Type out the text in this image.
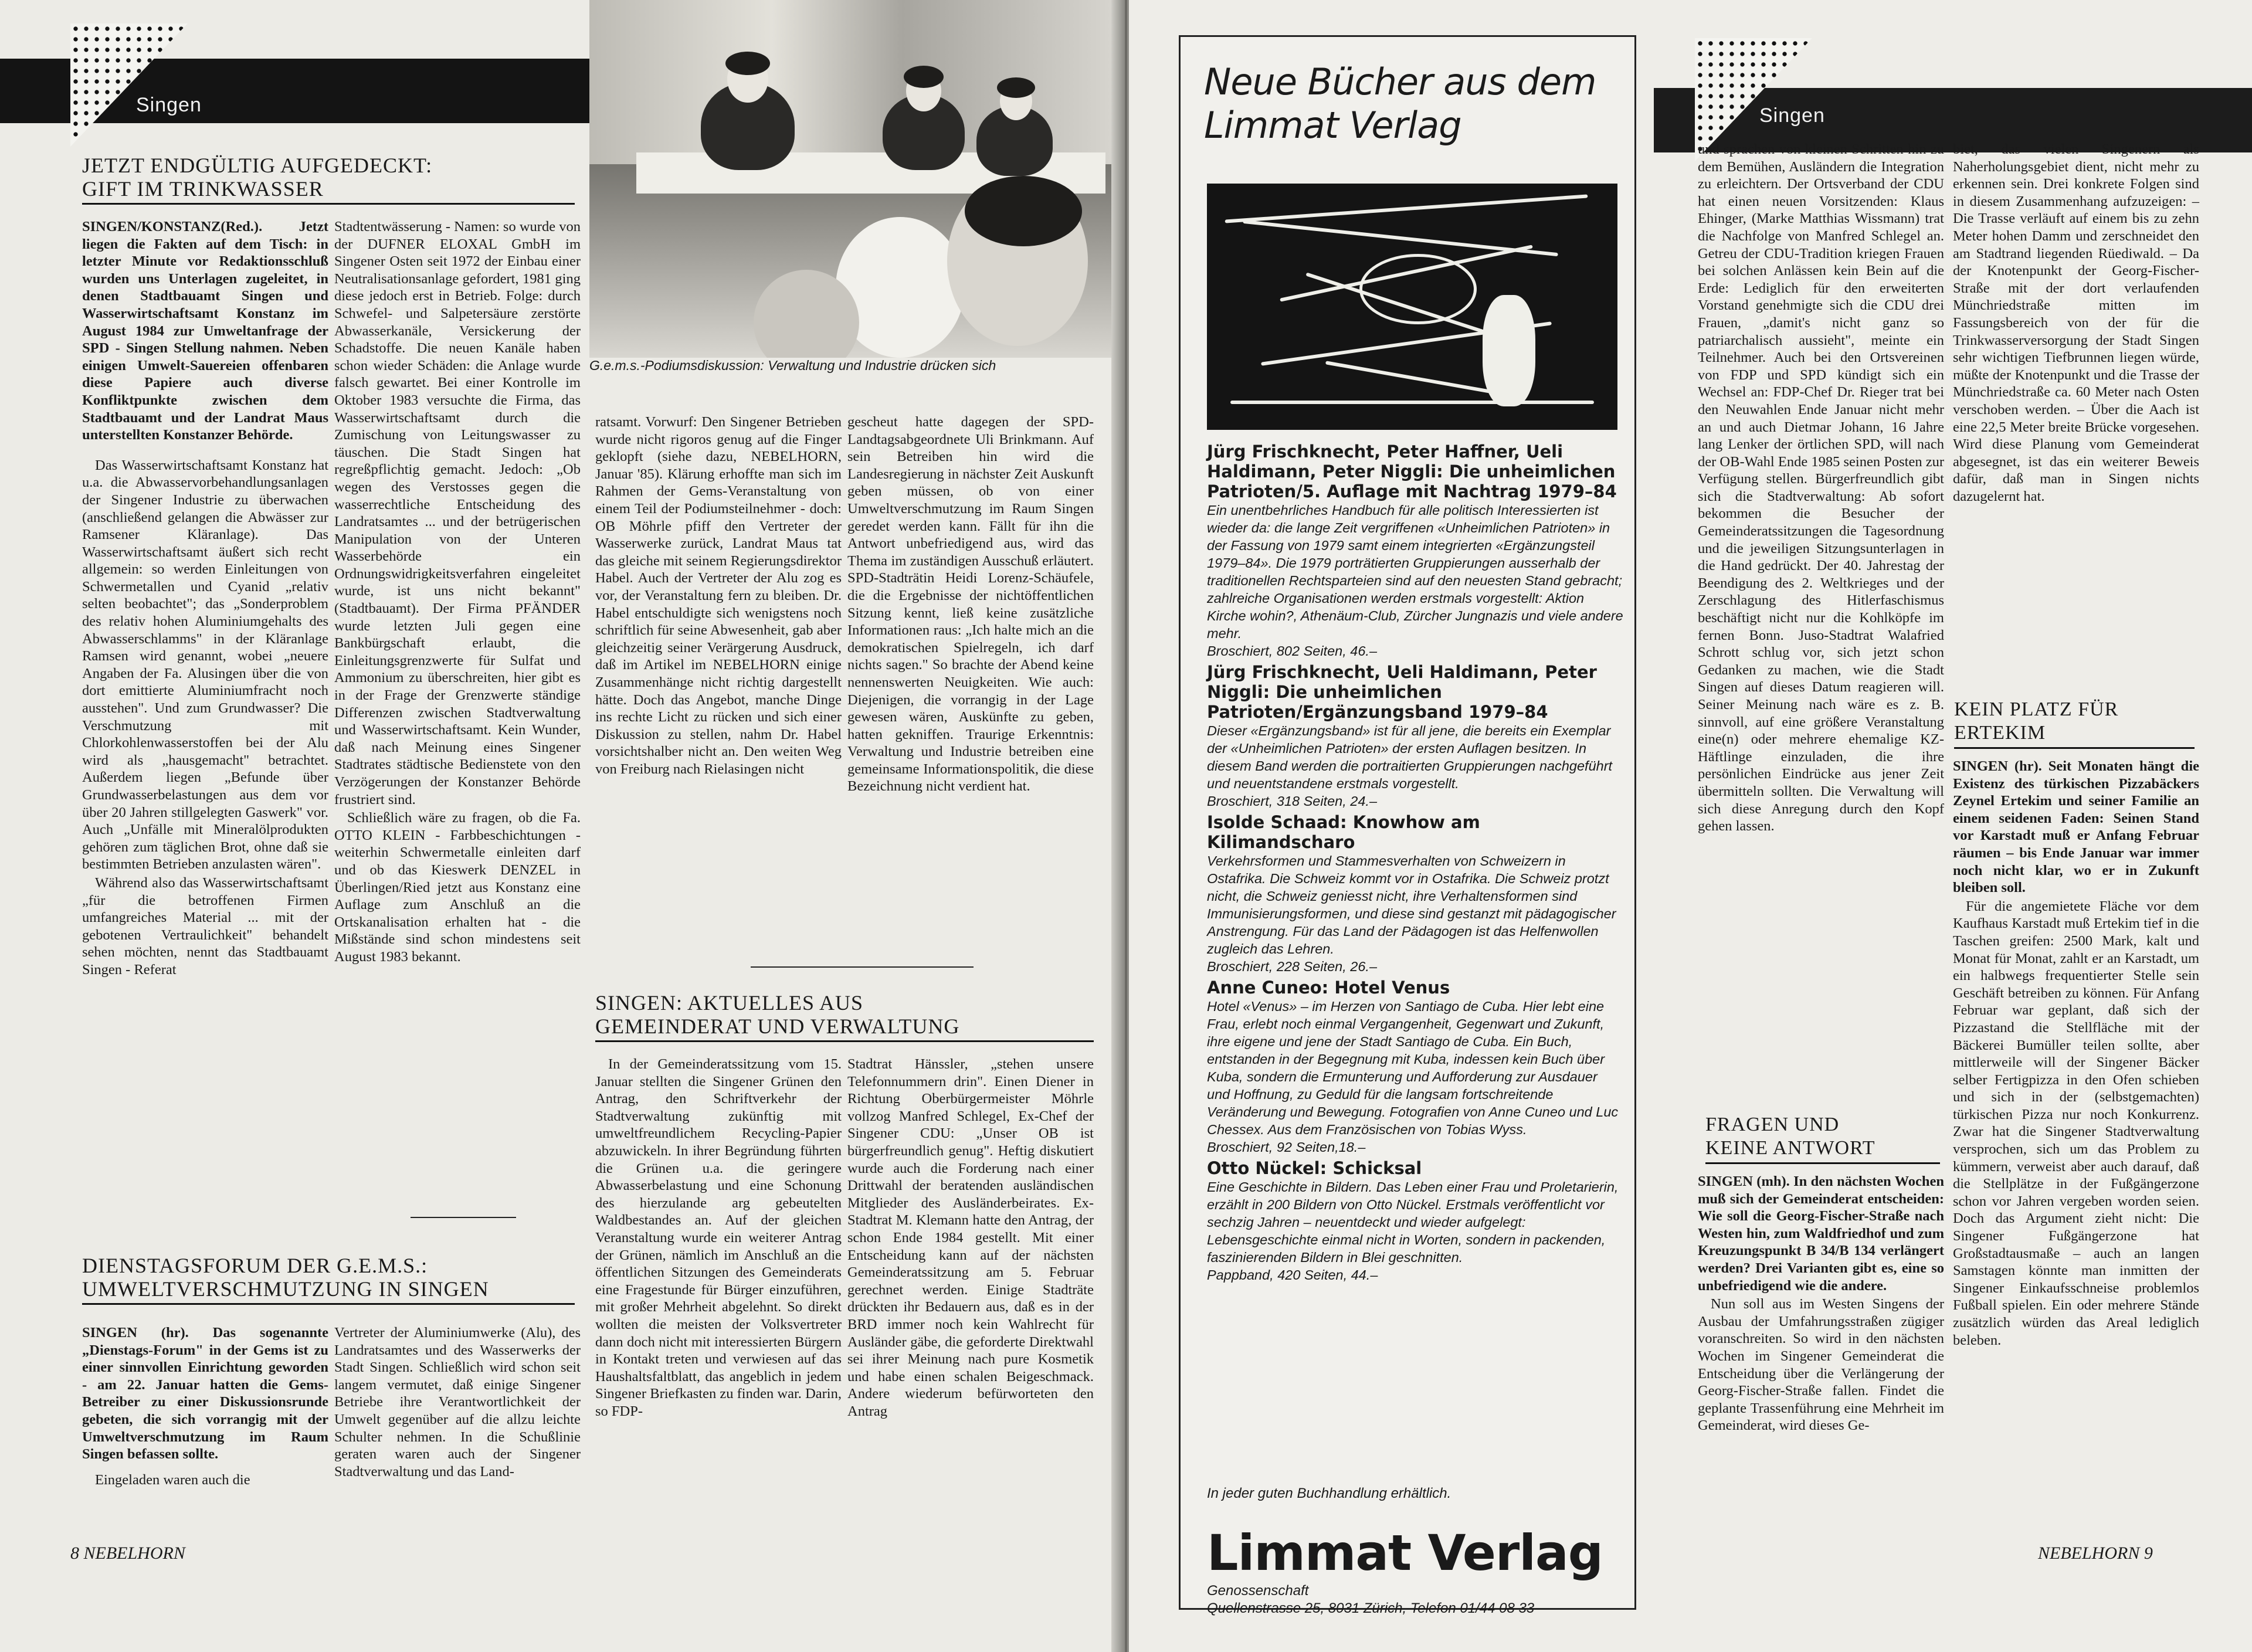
Singen
G.e.m.s.-Podiumsdiskussion: Verwaltung und Industrie drücken sich
JETZT ENDGÜLTIG AUFGEDECKT:
GIFT IM TRINKWASSER

SINGEN/KONSTANZ(Red.). Jetzt liegen die Fakten auf dem Tisch: in letzter Minute vor Redaktionsschluß wurden uns Unterlagen zugeleitet, in denen Stadtbauamt Singen und Wasserwirtschaftsamt Konstanz im August 1984 zur Umweltanfrage der SPD - Singen Stellung nahmen. Neben einigen Umwelt-Sauereien offenbaren diese Papiere auch diverse Konfliktpunkte zwischen dem Stadtbauamt und der Landrat Maus unterstellten Konstanzer Behörde.

Das Wasserwirtschaftsamt Konstanz hat u.a. die Abwasservorbehandlungsanlagen der Singener Industrie zu überwachen (anschließend gelangen die Abwässer zur Ramsener Kläranlage). Das Wasserwirtschaftsamt äußert sich recht allgemein: so werden Einleitungen von Schwermetallen und Cyanid „relativ selten beobachtet"; das „Sonderproblem des relativ hohen Aluminiumgehalts des Abwasserschlamms" in der Kläranlage Ramsen wird genannt, wobei „neuere Angaben der Fa. Alusingen über die von dort emittierte Aluminiumfracht noch ausstehen". Und zum Grundwasser? Die Verschmutzung mit Chlorkohlenwasserstoffen bei der Alu wird als „hausgemacht" betrachtet. Außerdem liegen „Befunde über Grundwasserbelastungen aus dem vor über 20 Jahren stillgelegten Gaswerk" vor. Auch „Unfälle mit Mineralölprodukten gehören zum täglichen Brot, ohne daß sie bestimmten Betrieben anzulasten wären".

Während also das Wasserwirtschaftsamt „für die betroffenen Firmen umfangreiches Material ... mit der gebotenen Vertraulichkeit" behandelt sehen möchten, nennt das Stadtbauamt Singen - Referat

Stadtentwässerung - Namen: so wurde von der DUFNER ELOXAL GmbH im Singener Osten seit 1972 der Einbau einer Neutralisationsanlage gefordert, 1981 ging diese jedoch erst in Betrieb. Folge: durch Schwefel- und Salpetersäure zerstörte Abwasserkanäle, Versickerung der Schadstoffe. Die neuen Kanäle haben schon wieder Schäden: die Anlage wurde falsch gewartet. Bei einer Kontrolle im Oktober 1983 versuchte die Firma, das Wasserwirtschaftsamt durch die Zumischung von Leitungswasser zu täuschen. Die Stadt Singen hat regreßpflichtig gemacht. Jedoch: „Ob wegen des Verstosses gegen die wasserrechtliche Entscheidung des Landratsamtes ... und der betrügerischen Manipulation von der Unteren Wasserbehörde ein Ordnungswidrigkeitsverfahren eingeleitet wurde, ist uns nicht bekannt" (Stadtbauamt). Der Firma PFÄNDER wurde letzten Juli gegen eine Bankbürgschaft erlaubt, die Einleitungsgrenzwerte für Sulfat und Ammonium zu überschreiten, hier gibt es in der Frage der Grenzwerte ständige Differenzen zwischen Stadtverwaltung und Wasserwirtschaftsamt. Kein Wunder, daß nach Meinung eines Singener Stadtrates städtische Bedienstete von den Verzögerungen der Konstanzer Behörde frustriert sind.

Schließlich wäre zu fragen, ob die Fa. OTTO KLEIN - Farbbeschichtungen - weiterhin Schwermetalle einleiten darf und ob das Kieswerk DENZEL in Überlingen/Ried jetzt aus Konstanz eine Auflage zum Anschluß an die Ortskanalisation erhalten hat - die Mißstände sind schon mindestens seit August 1983 bekannt.

DIENSTAGSFORUM DER G.E.M.S.:
UMWELTVERSCHMUTZUNG IN SINGEN

SINGEN (hr). Das sogenannte „Dienstags-Forum" in der Gems ist zu einer sinnvollen Einrichtung geworden - am 22. Januar hatten die Gems-Betreiber zu einer Diskussionsrunde gebeten, die sich vorrangig mit der Umweltverschmutzung im Raum Singen befassen sollte.

Eingeladen waren auch die

Vertreter der Aluminiumwerke (Alu), des Landratsamtes und des Wasserwerks der Stadt Singen. Schließlich wird schon seit langem vermutet, daß einige Singener Betriebe ihre Verantwortlichkeit der Umwelt gegenüber auf die allzu leichte Schulter nehmen. In die Schußlinie geraten waren auch der Singener Stadtverwaltung und das Land-

ratsamt. Vorwurf: Den Singener Betrieben wurde nicht rigoros genug auf die Finger geklopft (siehe dazu, NEBELHORN, Januar '85). Klärung erhoffte man sich im Rahmen der Gems-Veranstaltung von einem Teil der Podiumsteilnehmer - doch: OB Möhrle pfiff den Vertreter der Wasserwerke zurück, Landrat Maus tat das gleiche mit seinem Regierungsdirektor Habel. Auch der Vertreter der Alu zog es vor, der Veranstaltung fern zu bleiben. Dr. Habel entschuldigte sich wenigstens noch schriftlich für seine Abwesenheit, gab aber gleichzeitig seiner Verärgerung Ausdruck, daß im Artikel im NEBELHORN einige Zusammenhänge nicht richtig dargestellt hätte. Doch das Angebot, manche Dinge ins rechte Licht zu rücken und sich einer Diskussion zu stellen, nahm Dr. Habel vorsichtshalber nicht an. Den weiten Weg von Freiburg nach Rielasingen nicht

gescheut hatte dagegen der SPD-Landtagsabgeordnete Uli Brinkmann. Auf sein Betreiben hin wird die Landesregierung in nächster Zeit Auskunft geben müssen, ob von einer Umweltverschmutzung im Raum Singen geredet werden kann. Fällt für ihn die Antwort unbefriedigend aus, wird das Thema im zuständigen Ausschuß erläutert. SPD-Stadträtin Heidi Lorenz-Schäufele, die die Ergebnisse der nichtöffentlichen Sitzung kennt, ließ keine zusätzliche Informationen raus: „Ich halte mich an die demokratischen Spielregeln, ich darf nichts sagen." So brachte der Abend keine nennenswerten Neuigkeiten. Wie auch: Diejenigen, die vorrangig in der Lage gewesen wären, Auskünfte zu geben, hatten gekniffen. Traurige Erkenntnis: Verwaltung und Industrie betreiben eine gemeinsame Informationspolitik, die diese Bezeichnung nicht verdient hat.

SINGEN: AKTUELLES AUS
GEMEINDERAT UND VERWALTUNG

In der Gemeinderatssitzung vom 15. Januar stellten die Singener Grünen den Antrag, den Schriftverkehr der Stadtverwaltung zukünftig mit umweltfreundlichem Recycling-Papier abzuwickeln. In ihrer Begründung führten die Grünen u.a. die geringere Abwasserbelastung und eine Schonung des hierzulande arg gebeutelten Waldbestandes an. Auf der gleichen Veranstaltung wurde ein weiterer Antrag der Grünen, nämlich im Anschluß an die öffentlichen Sitzungen des Gemeinderats eine Fragestunde für Bürger einzuführen, mit großer Mehrheit abgelehnt. So direkt wollten die meisten der Volksvertreter dann doch nicht mit interessierten Bürgern in Kontakt treten und verwiesen auf das Haushaltsfaltblatt, das angeblich in jedem Singener Briefkasten zu finden war. Darin, so FDP-

Stadtrat Hänssler, „stehen unsere Telefonnummern drin". Einen Diener in Richtung Oberbürgermeister Möhrle vollzog Manfred Schlegel, Ex-Chef der Singener CDU: „Unser OB ist bürgerfreundlich genug". Heftig diskutiert wurde auch die Forderung nach einer Drittwahl der beratenden ausländischen Mitglieder des Ausländerbeirates. Ex-Stadtrat M. Klemann hatte den Antrag, der schon Ende 1984 gestellt. Mit einer Entscheidung kann auf der nächsten Gemeinderatssitzung am 5. Februar gerechnet werden. Einige Stadträte drückten ihr Bedauern aus, daß es in der BRD immer noch kein Wahlrecht für Ausländer gäbe, die geforderte Direktwahl sei ihrer Meinung nach pure Kosmetik und habe einen schalen Beigeschmack. Andere wiederum befürworteten den Antrag

8 NEBELHORN
Singen
Neue Bücher aus dem
Limmat Verlag
Jürg Frischknecht, Peter Haffner, Ueli Haldimann, Peter Niggli: Die unheimlichen Patrioten/5. Auflage mit Nachtrag 1979–84
Ein unentbehrliches Handbuch für alle politisch Interessierten ist wieder da: die lange Zeit vergriffenen «Unheimlichen Patrioten» in der Fassung von 1979 samt einem integrierten «Ergänzungsteil 1979–84». Die 1979 porträtierten Gruppierungen ausserhalb der traditionellen Rechtsparteien sind auf den neuesten Stand gebracht; zahlreiche Organisationen werden erstmals vorgestellt: Aktion Kirche wohin?, Athenäum-Club, Zürcher Jungnazis und viele andere mehr.
Broschiert, 802 Seiten, 46.–
Jürg Frischknecht, Ueli Haldimann, Peter Niggli: Die unheimlichen Patrioten/Ergänzungsband 1979–84
Dieser «Ergänzungsband» ist für all jene, die bereits ein Exemplar der «Unheimlichen Patrioten» der ersten Auflagen besitzen. In diesem Band werden die portraitierten Gruppierungen nachgeführt und neuentstandene erstmals vorgestellt.
Broschiert, 318 Seiten, 24.–
Isolde Schaad: Knowhow am Kilimandscharo
Verkehrsformen und Stammesverhalten von Schweizern in Ostafrika. Die Schweiz kommt vor in Ostafrika. Die Schweiz protzt nicht, die Schweiz geniesst nicht, ihre Verhaltensformen sind Immunisierungsformen, und diese sind gestanzt mit pädagogischer Anstrengung. Für das Land der Pädagogen ist das Helfenwollen zugleich das Lehren.
Broschiert, 228 Seiten, 26.–
Anne Cuneo: Hotel Venus
Hotel «Venus» – im Herzen von Santiago de Cuba. Hier lebt eine Frau, erlebt noch einmal Vergangenheit, Gegenwart und Zukunft, ihre eigene und jene der Stadt Santiago de Cuba. Ein Buch, entstanden in der Begegnung mit Kuba, indessen kein Buch über Kuba, sondern die Ermunterung und Aufforderung zur Ausdauer und Hoffnung, zu Geduld für die langsam fortschreitende Veränderung und Bewegung. Fotografien von Anne Cuneo und Luc Chessex. Aus dem Französischen von Tobias Wyss.
Broschiert, 92 Seiten,18.–
Otto Nückel: Schicksal
Eine Geschichte in Bildern. Das Leben einer Frau und Proletarierin, erzählt in 200 Bildern von Otto Nückel. Erstmals veröffentlicht vor sechzig Jahren – neuentdeckt und wieder aufgelegt: Lebensgeschichte einmal nicht in Worten, sondern in packenden, faszinierenden Bildern in Blei geschnitten.
Pappband, 420 Seiten, 44.–
In jeder guten Buchhandlung erhältlich.
Limmat Verlag
Genossenschaft
Quellenstrasse 25, 8031 Zürich, Telefon 01/44 08 33

und sprachen von kleinen Schritten hin zu dem Bemühen, Ausländern die Integration zu erleichtern. Der Ortsverband der CDU hat einen neuen Vorsitzenden: Klaus Ehinger, (Marke Matthias Wissmann) trat die Nachfolge von Manfred Schlegel an. Getreu der CDU-Tradition kriegen Frauen bei solchen Anlässen kein Bein auf die Erde: Lediglich für den erweiterten Vorstand genehmigte sich die CDU drei Frauen, „damit's nicht ganz so patriarchalisch aussieht", meinte ein Teilnehmer. Auch bei den Ortsvereinen von FDP und SPD kündigt sich ein Wechsel an: FDP-Chef Dr. Rieger trat bei den Neuwahlen Ende Januar nicht mehr an und auch Dietmar Johann, 16 Jahre lang Lenker der örtlichen SPD, will nach der OB-Wahl Ende 1985 seinen Posten zur Verfügung stellen. Bürgerfreundlich gibt sich die Stadtverwaltung: Ab sofort bekommen die Besucher der Gemeinderatssitzungen die Tagesordnung und die jeweiligen Sitzungsunterlagen in die Hand gedrückt. Der 40. Jahrestag der Beendigung des 2. Weltkrieges und der Zerschlagung des Hitlerfaschismus beschäftigt nicht nur die Kohlköpfe im fernen Bonn. Juso-Stadtrat Walafried Schrott schlug vor, sich jetzt schon Gedanken zu machen, wie die Stadt Singen auf dieses Datum reagieren will. Seiner Meinung nach wäre es z. B. sinnvoll, auf eine größere Veranstaltung eine(n) oder mehrere ehemalige KZ-Häftlinge einzuladen, die ihre persönlichen Eindrücke aus jener Zeit übermitteln sollten. Die Verwaltung will sich diese Anregung durch den Kopf gehen lassen.

FRAGEN UND
KEINE ANTWORT

SINGEN (mh). In den nächsten Wochen muß sich der Gemeinderat entscheiden: Wie soll die Georg-Fischer-Straße nach Westen hin, zum Waldfriedhof und zum Kreuzungspunkt B 34/B 134 verlängert werden? Drei Varianten gibt es, eine so unbefriedigend wie die andere.

Nun soll aus im Westen Singens der Ausbau der Umfahrungsstraßen zügiger voranschreiten. So wird in den nächsten Wochen im Singener Gemeinderat die Entscheidung über die Verlängerung der Georg-Fischer-Straße fallen. Findet die geplante Trassenführung eine Mehrheit im Gemeinderat, wird dieses Ge-

biet, das vielen Singenern als Naherholungsgebiet dient, nicht mehr zu erkennen sein. Drei konkrete Folgen sind in diesem Zusammenhang aufzuzeigen: – Die Trasse verläuft auf einem bis zu zehn Meter hohen Damm und zerschneidet den am Stadtrand liegenden Rüediwald. – Da der Knotenpunkt der Georg-Fischer-Straße mit der dort verlaufenden Münchriedstraße mitten im Fassungsbereich von der für die Trinkwasserversorgung der Stadt Singen sehr wichtigen Tiefbrunnen liegen würde, müßte der Knotenpunkt und die Trasse der Münchriedstraße ca. 60 Meter nach Osten verschoben werden. – Über die Aach ist eine 22,5 Meter breite Brücke vorgesehen. Wird diese Planung vom Gemeinderat abgesegnet, ist das ein weiterer Beweis dafür, daß man in Singen nichts dazugelernt hat.

KEIN PLATZ FÜR
ERTEKIM

SINGEN (hr). Seit Monaten hängt die Existenz des türkischen Pizzabäckers Zeynel Ertekim und seiner Familie an einem seidenen Faden: Seinen Stand vor Karstadt muß er Anfang Februar räumen – bis Ende Januar war immer noch nicht klar, wo er in Zukunft bleiben soll.

Für die angemietete Fläche vor dem Kaufhaus Karstadt muß Ertekim tief in die Taschen greifen: 2500 Mark, kalt und Monat für Monat, zahlt er an Karstadt, um ein halbwegs frequentierter Stelle sein Geschäft betreiben zu können. Für Anfang Februar war geplant, daß sich der Pizzastand die Stellfläche mit der Bäckerei Bumüller teilen sollte, aber mittlerweile will der Singener Bäcker selber Fertigpizza in den Ofen schieben und sich in der (selbstgemachten) türkischen Pizza nur noch Konkurrenz. Zwar hat die Singener Stadtverwaltung versprochen, sich um das Problem zu kümmern, verweist aber auch darauf, daß die Stellplätze in der Fußgängerzone schon vor Jahren vergeben worden seien. Doch das Argument zieht nicht: Die Singener Fußgängerzone hat Großstadtausmaße – auch an langen Samstagen könnte man inmitten der Singener Einkaufsschneise problemlos Fußball spielen. Ein oder mehrere Stände zusätzlich würden das Areal lediglich beleben.

NEBELHORN 9
